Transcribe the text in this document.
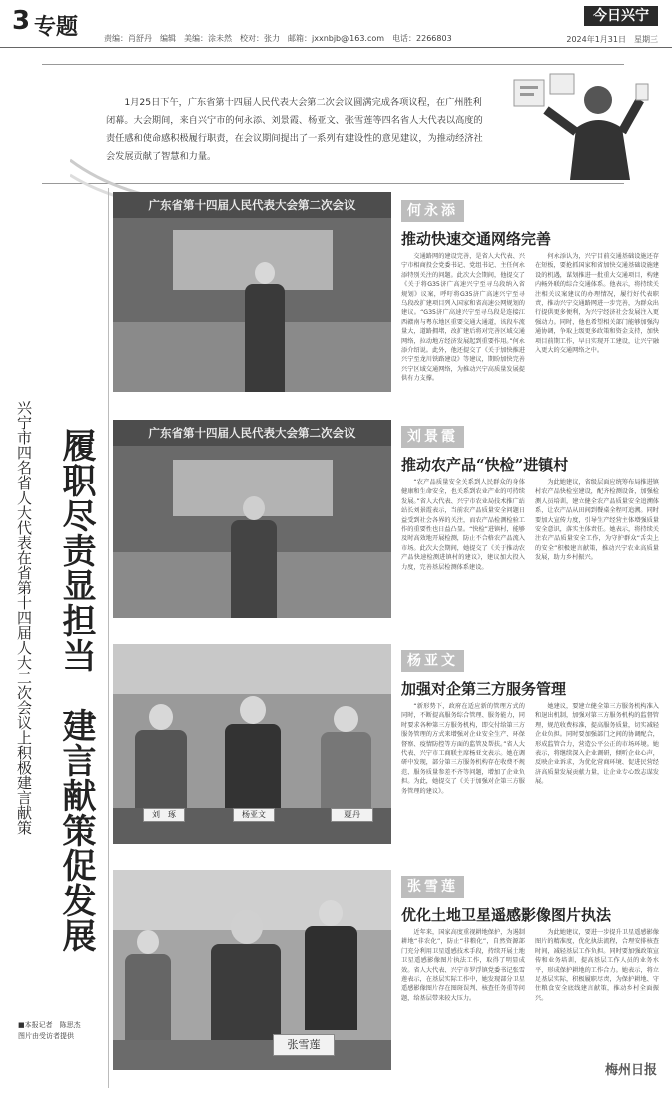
3 专题	责编：肖舒丹　编辑　美编：涂未然　校对：张力　邮箱：jxxnbjb@163.com　电话：2266803
今日兴宁
2024年1月31日　星期三

1月25日下午，广东省第十四届人民代表大会第二次会议圆满完成各项议程，在广州胜利闭幕。大会期间，来自兴宁市的何永添、刘景霞、杨亚文、张雪莲等四名省人大代表以高度的责任感和使命感积极履行职责，在会议期间提出了一系列有建设性的意见建议，为推动经济社会发展贡献了智慧和力量。

兴宁市四名省人大代表在省第十四届人大二次会议上积极建言献策 履职尽责显担当　建言献策促发展
■本报记者　陈思杰
图片由受访者提供
广东省第十四届人民代表大会第二次会议	何永添
推动快速交通网络完善

交通路网的建设完善，是省人大代表、兴宁市相商投会党委书记、党组书记、主任何永添特别关注的问题。此次大会期间，他提交了《关于将G35济广高速兴宁至寻乌段纳入省规划》议案，呼吁将G35济广高速兴宁至寻乌段改扩建项目列入国家和省高速公网规划的建议。“G35济广高速兴宁至寻乌段是连接江西赣南与粤东地区重要交通大通道，该段车流量大，道路拥堵，改扩建后将对完善区域交通网络，拉动地方经济发展起到重要作用。”何永添介绍说。此外，他还提交了《关于加快推进兴宁至龙川铁路建设》等建议，期盼加快完善兴宁区域交通网络，为推动兴宁高质量发展提供有力支撑。

何永添认为，兴宁目前交通基础设施还存在短板，要抢抓国家和省加快交通基础设施建设的机遇，谋划推进一批重大交通项目，构建内畅外联的综合交通体系。他表示，将持续关注相关议案建议的办理情况，履行好代表职责，推动兴宁交通路网进一步完善，为群众出行提供更多便利，为兴宁经济社会发展注入更强动力。同时，他也希望相关部门能够加强沟通协调，争取上级更多政策和资金支持，加快项目前期工作，早日实现开工建设，让兴宁融入更大的交通网络之中。

广东省第十四届人民代表大会第二次会议	刘景霞
推动农产品“快检”进镇村

“农产品质量安全关系到人民群众的身体健康和生命安全，也关系到农业产业的可持续发展。”省人大代表、兴宁市农业局技术推广站站长刘景霞表示，当前农产品质量安全问题日益受到社会各界的关注，而农产品检测检验工作的重要性也日益凸显。“快检”进镇村，能够及时高效地开展检测，防止不合格农产品流入市场。此次大会期间，她提交了《关于推动农产品快速检测进镇村的建议》，建议加大投入力度，完善基层检测体系建设。

为此她建议，省级层面应统筹布局推进镇村农产品快检室建设，配齐检测设备，加强检测人员培训，建立健全农产品质量安全追溯体系，让农产品从田间到餐桌全程可追溯。同时要加大宣传力度，引导生产经营主体增强质量安全意识，落实主体责任。她表示，将持续关注农产品质量安全工作，为守护群众“舌尖上的安全”积极建言献策，推动兴宁农业高质量发展，助力乡村振兴。

刘　琢	杨亚文	夏丹
杨亚文
加强对企第三方服务管理

“新形势下，政府在适应新的管理方式的同时，不断提高服务综合管理、服务能力，同时要求各种第三方服务机构，即交付给第三方服务管理的方式来增强对企业安全生产、环保督察、疫情防控等方面的监管及帮扶。”省人大代表、兴宁市工商联主席杨亚文表示。她在调研中发现，部分第三方服务机构存在收费不规范、服务质量参差不齐等问题，增加了企业负担。为此，她提交了《关于加强对企第三方服务管理的建议》。

她建议，要建立健全第三方服务机构准入和退出机制，加强对第三方服务机构的监督管理，规范收费标准，提高服务质量，切实减轻企业负担。同时要加强部门之间的协调配合，形成监管合力，营造公平公正的市场环境。她表示，将继续深入企业调研，倾听企业心声，反映企业诉求，为优化营商环境、促进民营经济高质量发展贡献力量，让企业专心致志谋发展。

张雪莲
张雪莲
优化土地卫星遥感影像图片执法

近年来，国家高度重视耕地保护，为遏制耕地“非农化”，防止“非粮化”，自然资源部门充分利用卫星遥感技术手段，持续开展土地卫星遥感影像图片执法工作，取得了明显成效。省人大代表、兴宁市罗浮镇党委书记张雪莲表示，在基层实际工作中，她发现部分卫星遥感影像图片存在图斑误判、核查任务重等问题，给基层带来较大压力。

为此她建议，要进一步提升卫星遥感影像图片的精准度，优化执法流程，合理安排核查时间，减轻基层工作负担。同时要加强政策宣传和业务培训，提高基层工作人员的业务水平，形成保护耕地的工作合力。她表示，将立足基层实际，积极履职尽责，为保护耕地、守住粮食安全底线建言献策，推动乡村全面振兴。

梅州日报
